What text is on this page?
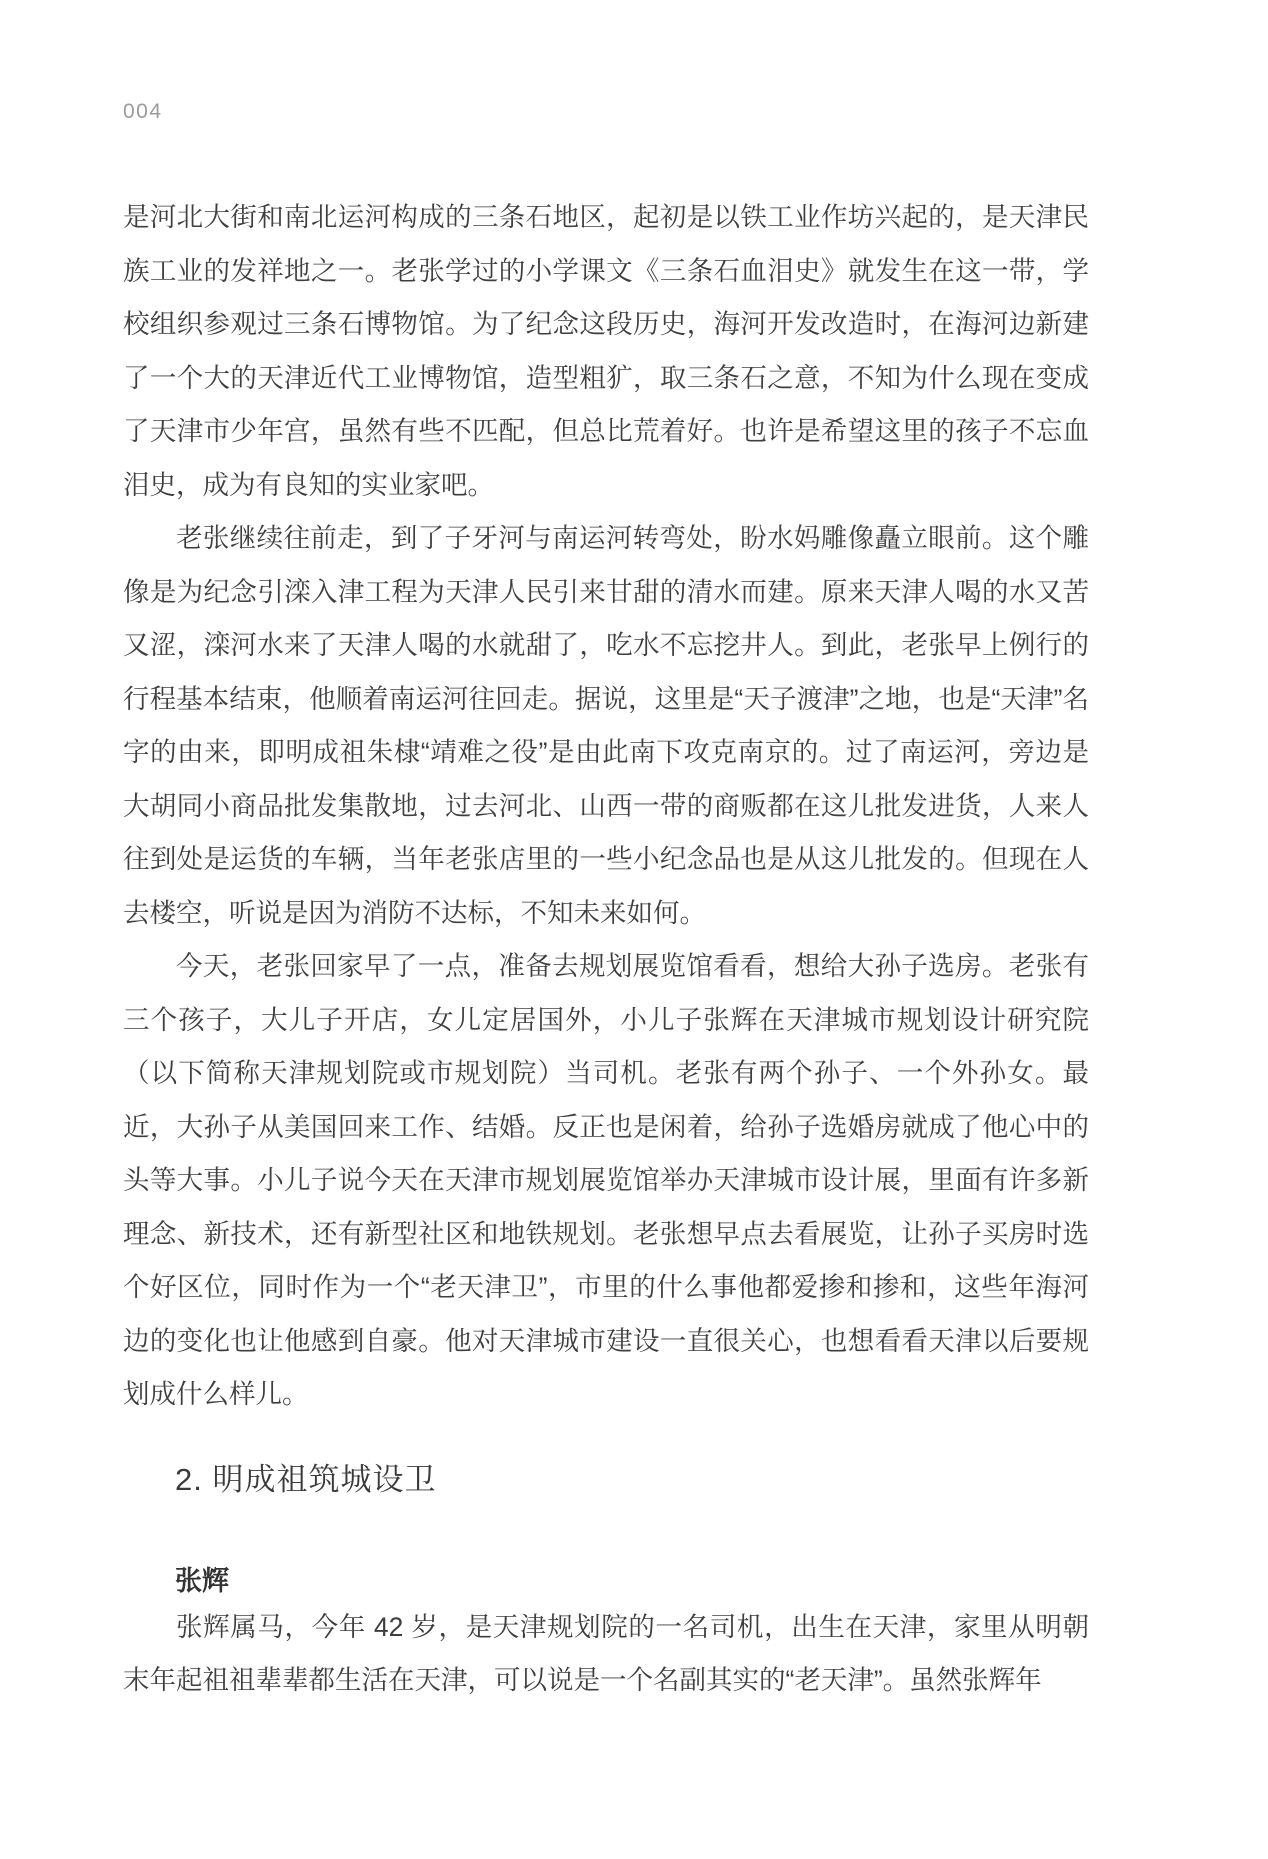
004

是河北大街和南北运河构成的三条石地区，起初是以铁工业作坊兴起的，是天津民族工业的发祥地之一。老张学过的小学课文《三条石血泪史》就发生在这一带，学校组织参观过三条石博物馆。为了纪念这段历史，海河开发改造时，在海河边新建了一个大的天津近代工业博物馆，造型粗犷，取三条石之意，不知为什么现在变成了天津市少年宫，虽然有些不匹配，但总比荒着好。也许是希望这里的孩子不忘血泪史，成为有良知的实业家吧。

老张继续往前走，到了子牙河与南运河转弯处，盼水妈雕像矗立眼前。这个雕像是为纪念引滦入津工程为天津人民引来甘甜的清水而建。原来天津人喝的水又苦又涩，滦河水来了天津人喝的水就甜了，吃水不忘挖井人。到此，老张早上例行的行程基本结束，他顺着南运河往回走。据说，这里是“天子渡津”之地，也是“天津”名字的由来，即明成祖朱棣“靖难之役”是由此南下攻克南京的。过了南运河，旁边是大胡同小商品批发集散地，过去河北、山西一带的商贩都在这儿批发进货，人来人往到处是运货的车辆，当年老张店里的一些小纪念品也是从这儿批发的。但现在人去楼空，听说是因为消防不达标，不知未来如何。

今天，老张回家早了一点，准备去规划展览馆看看，想给大孙子选房。老张有三个孩子，大儿子开店，女儿定居国外，小儿子张辉在天津城市规划设计研究院（以下简称天津规划院或市规划院）当司机。老张有两个孙子、一个外孙女。最近，大孙子从美国回来工作、结婚。反正也是闲着，给孙子选婚房就成了他心中的头等大事。小儿子说今天在天津市规划展览馆举办天津城市设计展，里面有许多新理念、新技术，还有新型社区和地铁规划。老张想早点去看展览，让孙子买房时选个好区位，同时作为一个“老天津卫”，市里的什么事他都爱掺和掺和，这些年海河边的变化也让他感到自豪。他对天津城市建设一直很关心，也想看看天津以后要规划成什么样儿。

2. 明成祖筑城设卫
张辉

张辉属马，今年 42 岁，是天津规划院的一名司机，出生在天津，家里从明朝末年起祖祖辈辈都生活在天津，可以说是一个名副其实的“老天津”。虽然张辉年
